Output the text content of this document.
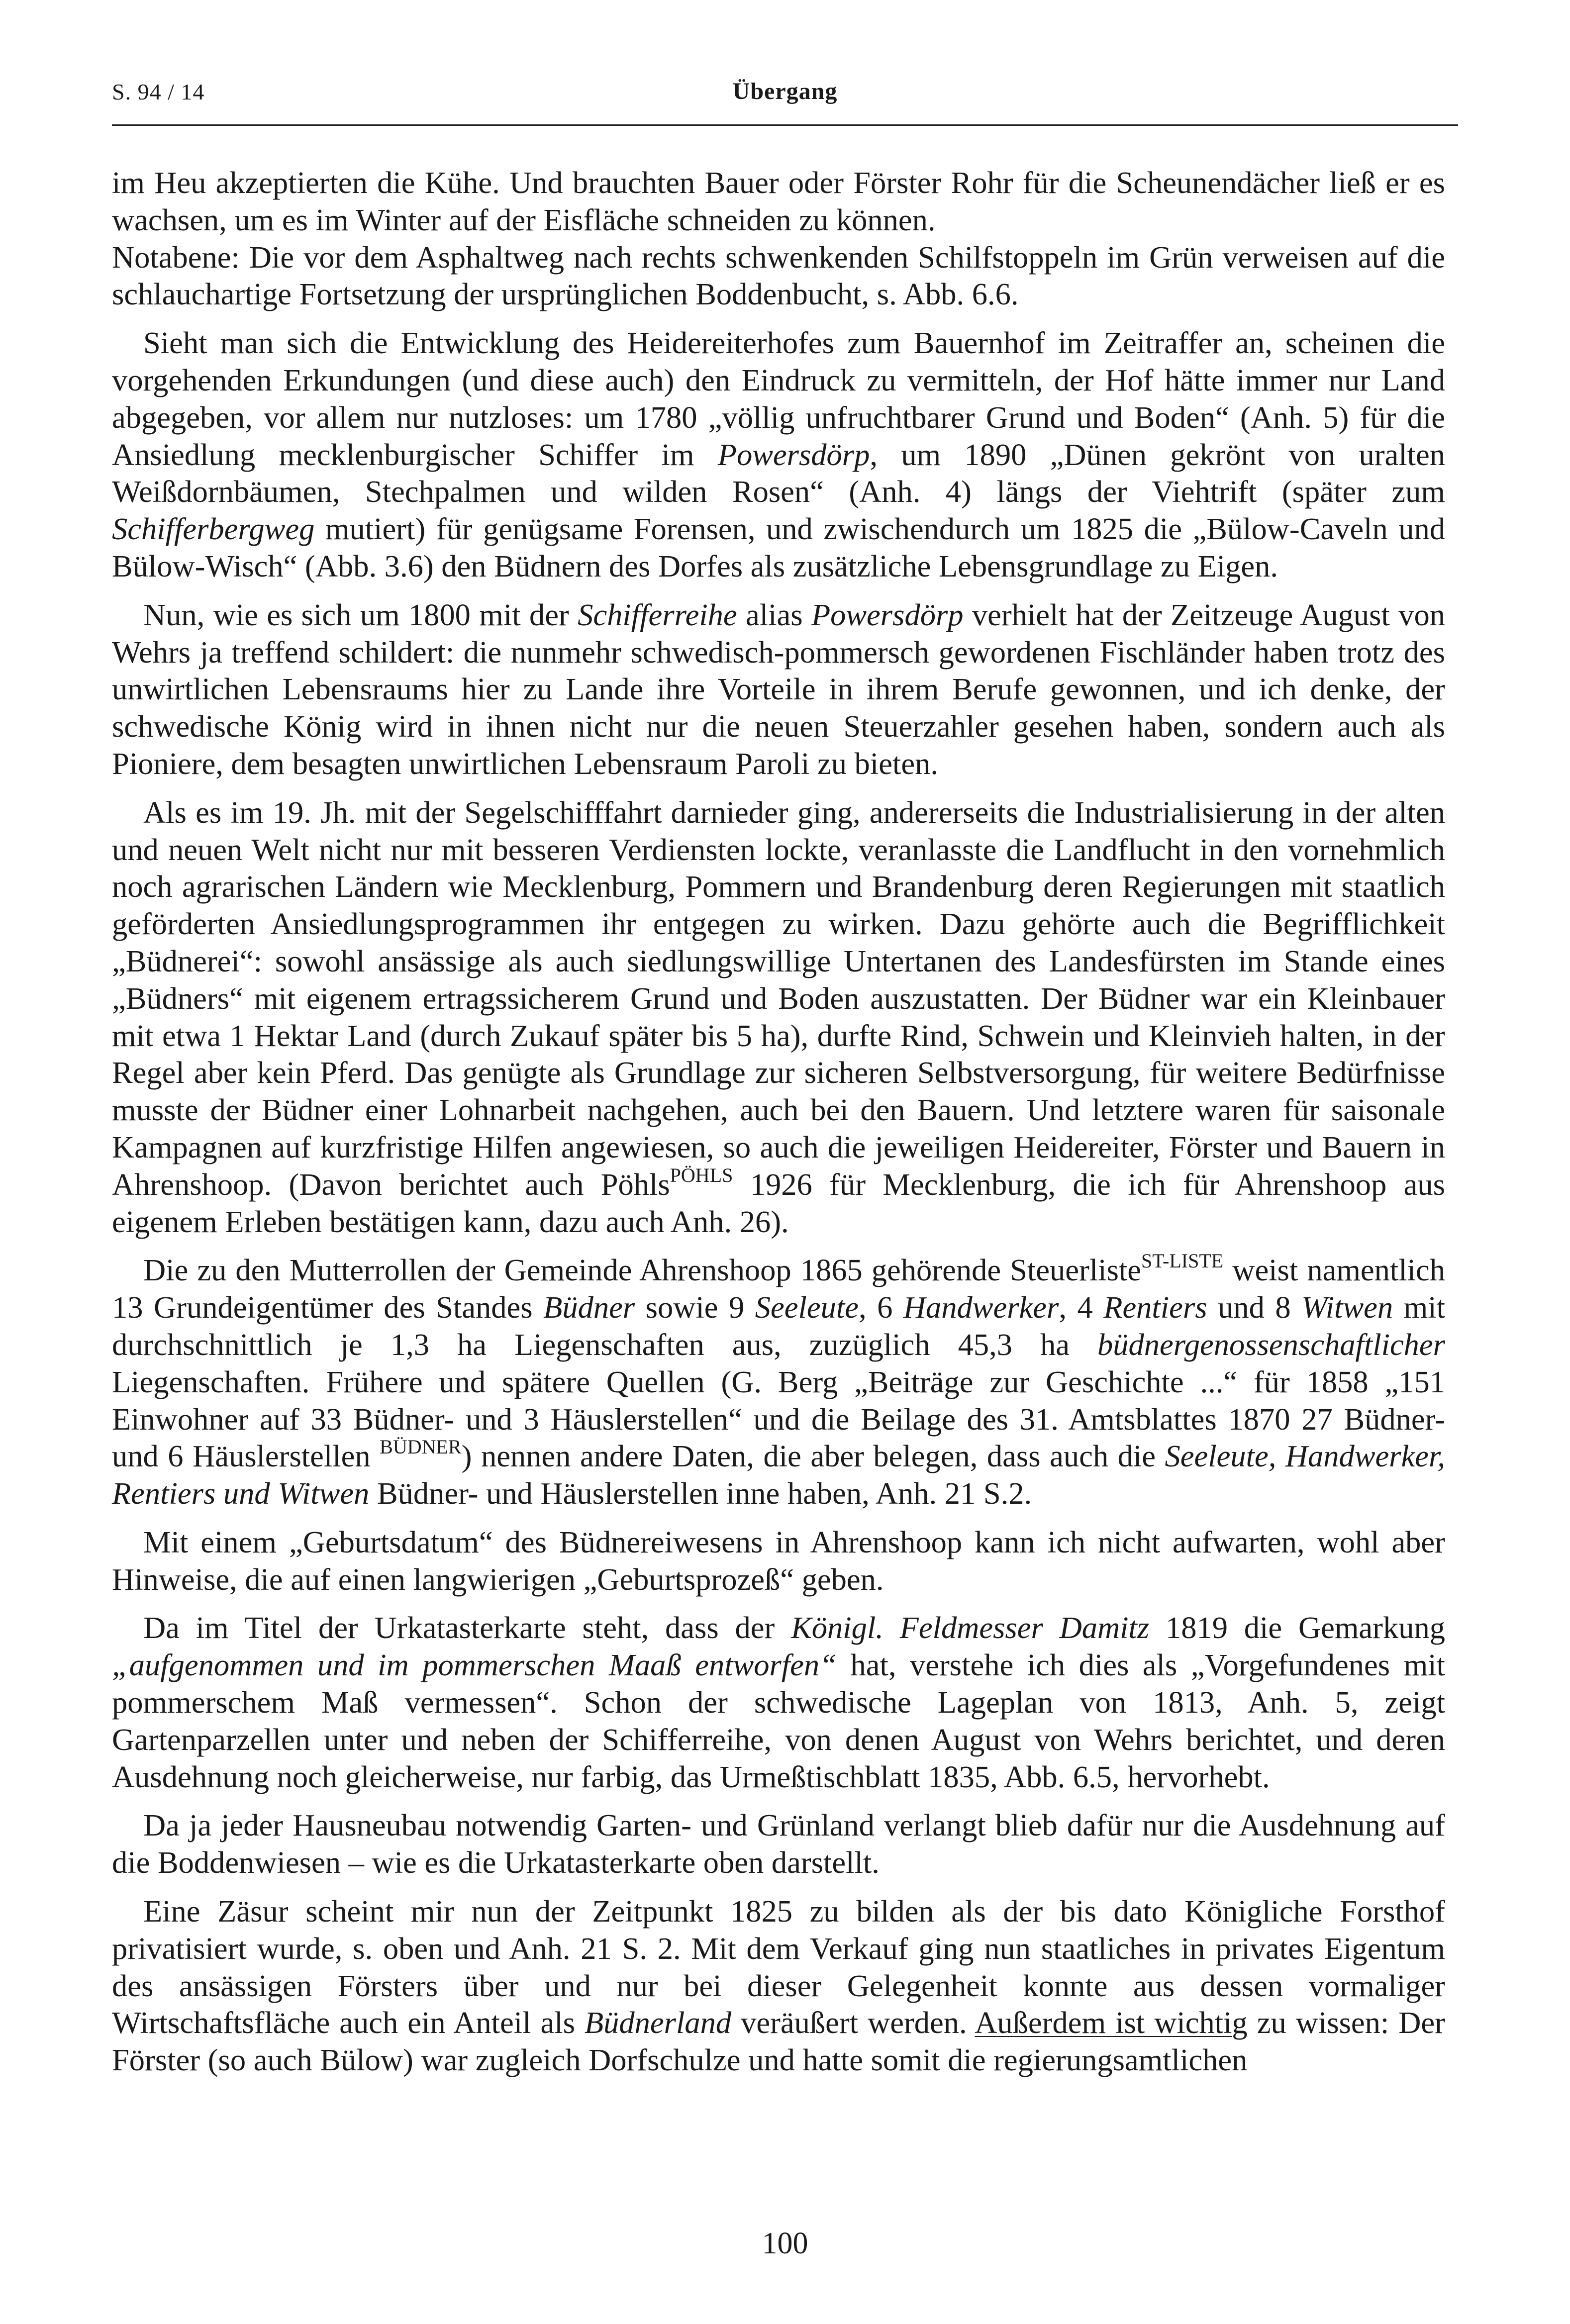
S. 94 / 14	Übergang

im Heu akzeptierten die Kühe. Und brauchten Bauer oder Förster Rohr für die Scheunendächer ließ er es wachsen, um es im Winter auf der Eisfläche schneiden zu können.

Notabene: Die vor dem Asphaltweg nach rechts schwenkenden Schilfstoppeln im Grün verweisen auf die schlauchartige Fortsetzung der ursprünglichen Boddenbucht, s. Abb. 6.6.

Sieht man sich die Entwicklung des Heidereiterhofes zum Bauernhof im Zeitraffer an, scheinen die vorgehenden Erkundungen (und diese auch) den Eindruck zu vermitteln, der Hof hätte immer nur Land abgegeben, vor allem nur nutzloses: um 1780 „völlig unfruchtbarer Grund und Boden“ (Anh. 5) für die Ansiedlung mecklenburgischer Schiffer im Powersdörp, um 1890 „Dünen gekrönt von uralten Weißdornbäumen, Stechpalmen und wilden Rosen“ (Anh. 4) längs der Viehtrift (später zum Schifferbergweg mutiert) für genügsame Forensen, und zwischendurch um 1825 die „Bülow-Caveln und Bülow-Wisch“ (Abb. 3.6) den Büdnern des Dorfes als zusätzliche Lebensgrundlage zu Eigen.

Nun, wie es sich um 1800 mit der Schifferreihe alias Powersdörp verhielt hat der Zeitzeuge August von Wehrs ja treffend schildert: die nunmehr schwedisch-pommersch gewordenen Fischländer haben trotz des unwirtlichen Lebensraums hier zu Lande ihre Vorteile in ihrem Berufe gewonnen, und ich denke, der schwedische König wird in ihnen nicht nur die neuen Steuerzahler gesehen haben, sondern auch als Pioniere, dem besagten unwirtlichen Lebensraum Paroli zu bieten.

Als es im 19. Jh. mit der Segelschifffahrt darnieder ging, andererseits die Industrialisierung in der alten und neuen Welt nicht nur mit besseren Verdiensten lockte, veranlasste die Landflucht in den vornehmlich noch agrarischen Ländern wie Mecklenburg, Pommern und Brandenburg deren Regierungen mit staatlich geförderten Ansiedlungsprogrammen ihr entgegen zu wirken. Dazu gehörte auch die Begrifflichkeit „Büdnerei“: sowohl ansässige als auch siedlungswillige Untertanen des Landesfürsten im Stande eines „Büdners“ mit eigenem ertragssicherem Grund und Boden auszustatten. Der Büdner war ein Kleinbauer mit etwa 1 Hektar Land (durch Zukauf später bis 5 ha), durfte Rind, Schwein und Kleinvieh halten, in der Regel aber kein Pferd. Das genügte als Grundlage zur sicheren Selbstversorgung, für weitere Bedürfnisse musste der Büdner einer Lohnarbeit nachgehen, auch bei den Bauern. Und letztere waren für saisonale Kampagnen auf kurzfristige Hilfen angewiesen, so auch die jeweiligen Heidereiter, Förster und Bauern in Ahrenshoop. (Davon berichtet auch Pöhls$^{PÖHLS}$ 1926 für Mecklenburg, die ich für Ahrenshoop aus eigenem Erleben bestätigen kann, dazu auch Anh. 26).

Die zu den Mutterrollen der Gemeinde Ahrenshoop 1865 gehörende Steuerliste$^{ST-LISTE}$ weist namentlich 13 Grundeigentümer des Standes Büdner sowie 9 Seeleute, 6 Handwerker, 4 Rentiers und 8 Witwen mit durchschnittlich je 1,3 ha Liegenschaften aus, zuzüglich 45,3 ha büdnergenossenschaftlicher Liegenschaften. Frühere und spätere Quellen (G. Berg „Beiträge zur Geschichte ...“ für 1858 „151 Einwohner auf 33 Büdner- und 3 Häuslerstellen“ und die Beilage des 31. Amtsblattes 1870 27 Büdner- und 6 Häuslerstellen $^{BÜDNER}$) nennen andere Daten, die aber belegen, dass auch die Seeleute, Handwerker, Rentiers und Witwen Büdner- und Häuslerstellen inne haben, Anh. 21 S.2.

Mit einem „Geburtsdatum“ des Büdnereiwesens in Ahrenshoop kann ich nicht aufwarten, wohl aber Hinweise, die auf einen langwierigen „Geburtsprozeß“ geben.

Da im Titel der Urkatasterkarte steht, dass der Königl. Feldmesser Damitz 1819 die Gemarkung „aufgenommen und im pommerschen Maaß entworfen“ hat, verstehe ich dies als „Vorgefundenes mit pommerschem Maß vermessen“. Schon der schwedische Lageplan von 1813, Anh. 5, zeigt Gartenparzellen unter und neben der Schifferreihe, von denen August von Wehrs berichtet, und deren Ausdehnung noch gleicherweise, nur farbig, das Urmeßtischblatt 1835, Abb. 6.5, hervorhebt.

Da ja jeder Hausneubau notwendig Garten- und Grünland verlangt blieb dafür nur die Ausdehnung auf die Boddenwiesen – wie es die Urkatasterkarte oben darstellt.

Eine Zäsur scheint mir nun der Zeitpunkt 1825 zu bilden als der bis dato Königliche Forsthof privatisiert wurde, s. oben und Anh. 21 S. 2. Mit dem Verkauf ging nun staatliches in privates Eigentum des ansässigen Försters über und nur bei dieser Gelegenheit konnte aus dessen vormaliger Wirtschaftsfläche auch ein Anteil als Büdnerland veräußert werden. Außerdem ist wichtig zu wissen: Der Förster (so auch Bülow) war zugleich Dorfschulze und hatte somit die regierungsamtlichen

100
